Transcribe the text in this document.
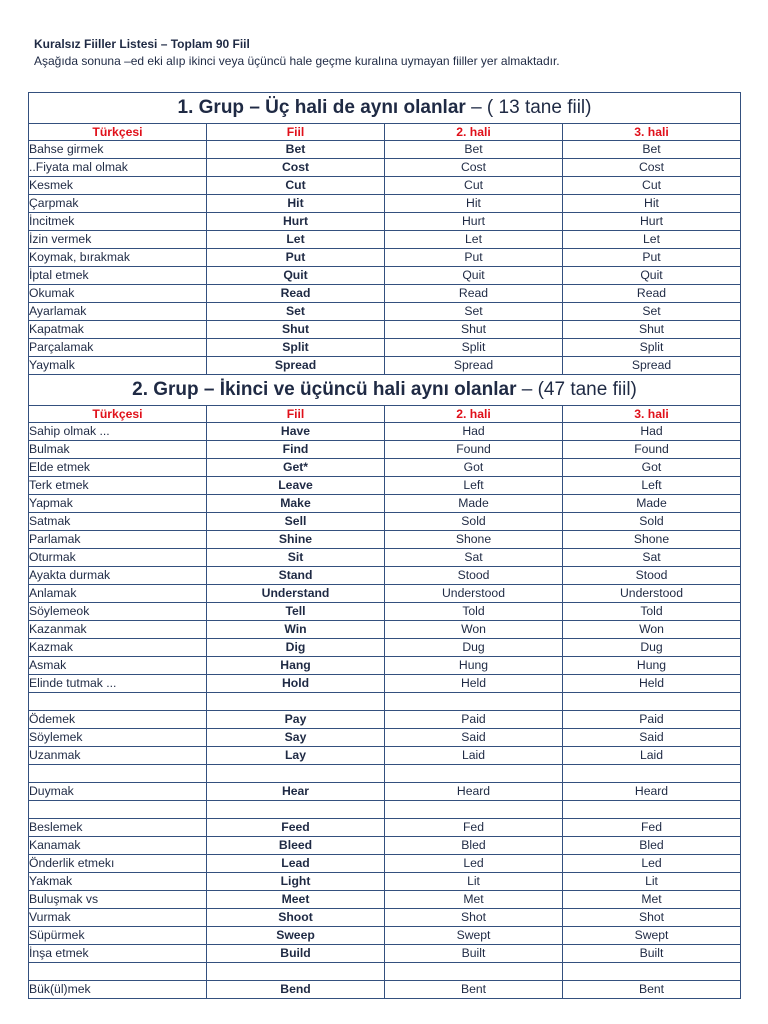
Kuralsız Fiiller Listesi – Toplam 90 Fiil
Aşağıda sonuna –ed eki alıp ikinci veya üçüncü hale geçme kuralına uymayan fiiller yer almaktadır.
1. Grup – Üç hali de aynı olanlar – ( 13 tane fiil)			
Türkçesi	Fiil	2. hali	3. hali
Bahse girmek	Bet	Bet	Bet
..Fiyata mal olmak	Cost	Cost	Cost
Kesmek	Cut	Cut	Cut
Çarpmak	Hit	Hit	Hit
İncitmek	Hurt	Hurt	Hurt
İzin vermek	Let	Let	Let
Koymak, bırakmak	Put	Put	Put
İptal etmek	Quit	Quit	Quit
Okumak	Read	Read	Read
Ayarlamak	Set	Set	Set
Kapatmak	Shut	Shut	Shut
Parçalamak	Split	Split	Split
Yaymalk	Spread	Spread	Spread
2. Grup – İkinci ve üçüncü hali aynı olanlar – (47 tane fiil)			
Türkçesi	Fiil	2. hali	3. hali
Sahip olmak ...	Have	Had	Had
Bulmak	Find	Found	Found
Elde etmek	Get*	Got	Got
Terk etmek	Leave	Left	Left
Yapmak	Make	Made	Made
Satmak	Sell	Sold	Sold
Parlamak	Shine	Shone	Shone
Oturmak	Sit	Sat	Sat
Ayakta durmak	Stand	Stood	Stood
Anlamak	Understand	Understood	Understood
Söylemeok	Tell	Told	Told
Kazanmak	Win	Won	Won
Kazmak	Dig	Dug	Dug
Asmak	Hang	Hung	Hung
Elinde tutmak ...	Hold	Held	Held

Ödemek	Pay	Paid	Paid
Söylemek	Say	Said	Said
Uzanmak	Lay	Laid	Laid

Duymak	Hear	Heard	Heard

Beslemek	Feed	Fed	Fed
Kanamak	Bleed	Bled	Bled
Önderlik etmekı	Lead	Led	Led
Yakmak	Light	Lit	Lit
Buluşmak vs	Meet	Met	Met
Vurmak	Shoot	Shot	Shot
Süpürmek	Sweep	Swept	Swept
İnşa etmek	Build	Built	Built

Bük(ül)mek	Bend	Bent	Bent
